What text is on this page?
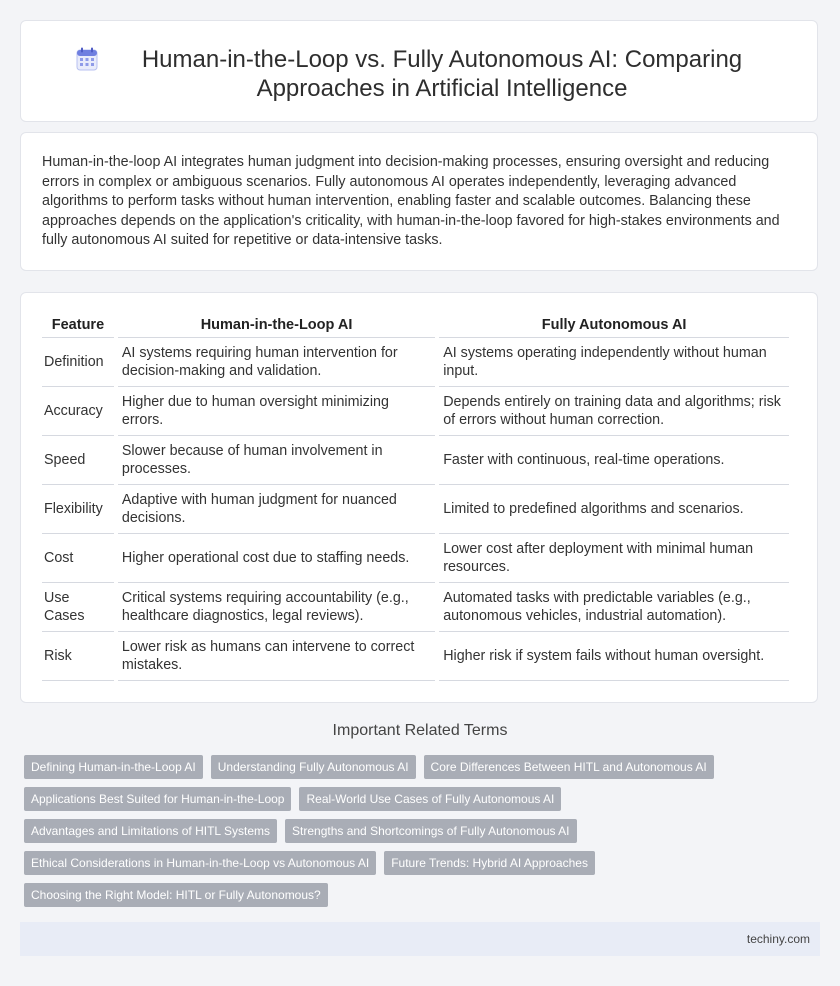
Human-in-the-Loop vs. Fully Autonomous AI: Comparing Approaches in Artificial Intelligence

Human-in-the-loop AI integrates human judgment into decision-making processes, ensuring oversight and reducing errors in complex or ambiguous scenarios. Fully autonomous AI operates independently, leveraging advanced algorithms to perform tasks without human intervention, enabling faster and scalable outcomes. Balancing these approaches depends on the application's criticality, with human-in-the-loop favored for high-stakes environments and fully autonomous AI suited for repetitive or data-intensive tasks.

Feature	Human-in-the-Loop AI	Fully Autonomous AI
Definition	AI systems requiring human intervention for decision-making and validation.	AI systems operating independently without human input.
Accuracy	Higher due to human oversight minimizing errors.	Depends entirely on training data and algorithms; risk of errors without human correction.
Speed	Slower because of human involvement in processes.	Faster with continuous, real-time operations.
Flexibility	Adaptive with human judgment for nuanced decisions.	Limited to predefined algorithms and scenarios.
Cost	Higher operational cost due to staffing needs.	Lower cost after deployment with minimal human resources.
Use Cases	Critical systems requiring accountability (e.g., healthcare diagnostics, legal reviews).	Automated tasks with predictable variables (e.g., autonomous vehicles, industrial automation).
Risk	Lower risk as humans can intervene to correct mistakes.	Higher risk if system fails without human oversight.
Important Related Terms
Defining Human-in-the-Loop AI	Understanding Fully Autonomous AI	Core Differences Between HITL and Autonomous AI
Applications Best Suited for Human-in-the-Loop	Real-World Use Cases of Fully Autonomous AI
Advantages and Limitations of HITL Systems	Strengths and Shortcomings of Fully Autonomous AI
Ethical Considerations in Human-in-the-Loop vs Autonomous AI	Future Trends: Hybrid AI Approaches
Choosing the Right Model: HITL or Fully Autonomous?
techiny.com
